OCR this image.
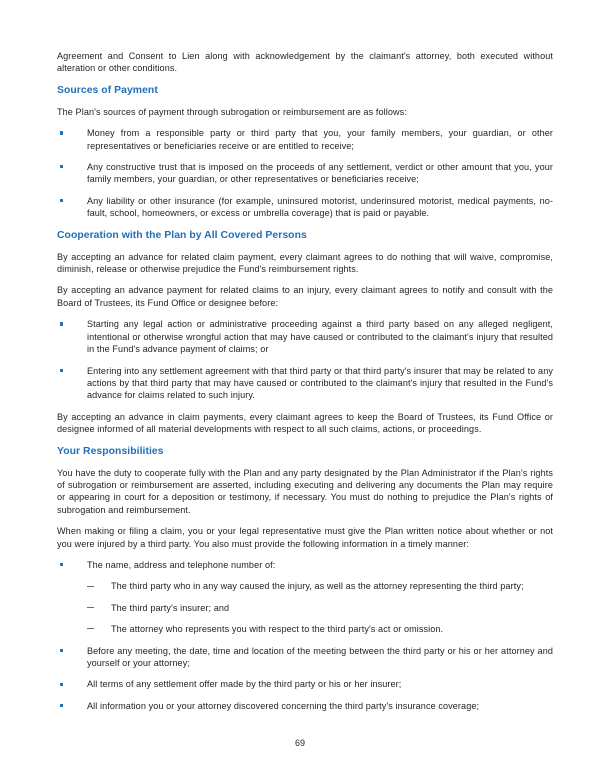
Agreement and Consent to Lien along with acknowledgement by the claimant's attorney, both executed without alteration or other conditions.

Sources of Payment

The Plan's sources of payment through subrogation or reimbursement are as follows:

Money from a responsible party or third party that you, your family members, your guardian, or other representatives or beneficiaries receive or are entitled to receive;
Any constructive trust that is imposed on the proceeds of any settlement, verdict or other amount that you, your family members, your guardian, or other representatives or beneficiaries receive;
Any liability or other insurance (for example, uninsured motorist, underinsured motorist, medical payments, no-fault, school, homeowners, or excess or umbrella coverage) that is paid or payable.
Cooperation with the Plan by All Covered Persons

By accepting an advance for related claim payment, every claimant agrees to do nothing that will waive, compromise, diminish, release or otherwise prejudice the Fund's reimbursement rights.

By accepting an advance payment for related claims to an injury, every claimant agrees to notify and consult with the Board of Trustees, its Fund Office or designee before:

Starting any legal action or administrative proceeding against a third party based on any alleged negligent, intentional or otherwise wrongful action that may have caused or contributed to the claimant's injury that resulted in the Fund's advance payment of claims; or
Entering into any settlement agreement with that third party or that third party's insurer that may be related to any actions by that third party that may have caused or contributed to the claimant's injury that resulted in the Fund's advance for claims related to such injury.

By accepting an advance in claim payments, every claimant agrees to keep the Board of Trustees, its Fund Office or designee informed of all material developments with respect to all such claims, actions, or proceedings.

Your Responsibilities

You have the duty to cooperate fully with the Plan and any party designated by the Plan Administrator if the Plan's rights of subrogation or reimbursement are asserted, including executing and delivering any documents the Plan may require or appearing in court for a deposition or testimony, if necessary. You must do nothing to prejudice the Plan's rights of subrogation and reimbursement.

When making or filing a claim, you or your legal representative must give the Plan written notice about whether or not you were injured by a third party. You also must provide the following information in a timely manner:

The name, address and telephone number of:
The third party who in any way caused the injury, as well as the attorney representing the third party;
The third party's insurer; and
The attorney who represents you with respect to the third party's act or omission.
Before any meeting, the date, time and location of the meeting between the third party or his or her attorney and yourself or your attorney;
All terms of any settlement offer made by the third party or his or her insurer;
All information you or your attorney discovered concerning the third party's insurance coverage;
69
